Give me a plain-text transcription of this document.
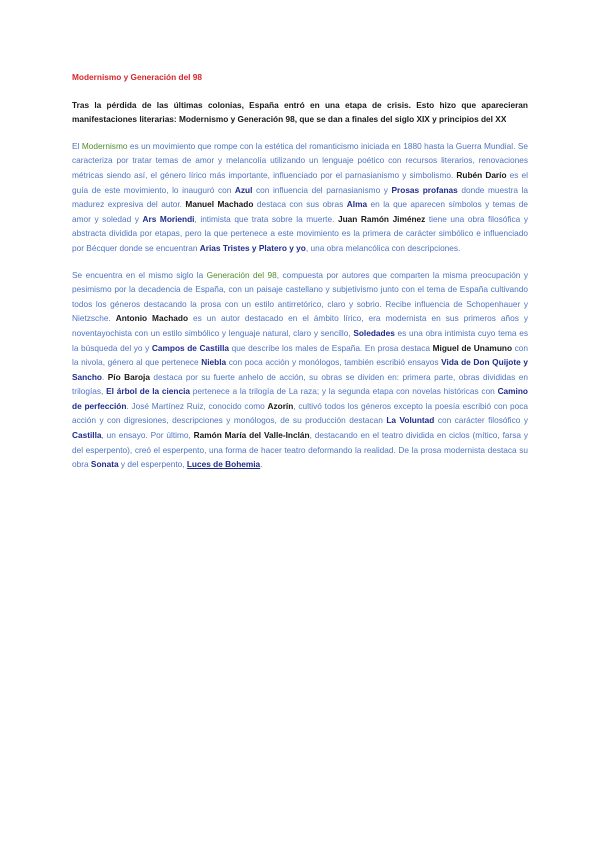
Modernismo y Generación del 98

Tras la pérdida de las últimas colonias, España entró en una etapa de crisis. Esto hizo que aparecieran manifestaciones literarias: Modernismo y Generación 98, que se dan a finales del siglo XIX y principios del XX

El Modernismo es un movimiento que rompe con la estética del romanticismo iniciada en 1880 hasta la Guerra Mundial. Se caracteriza por tratar temas de amor y melancolía utilizando un lenguaje poético con recursos literarios, renovaciones métricas siendo así, el género lírico más importante, influenciado por el parnasianismo y simbolismo. Rubén Darío es el guía de este movimiento, lo inauguró con Azul con influencia del parnasianismo y Prosas profanas donde muestra la madurez expresiva del autor. Manuel Machado destaca con sus obras Alma en la que aparecen símbolos y temas de amor y soledad y Ars Moriendi, intimista que trata sobre la muerte. Juan Ramón Jiménez tiene una obra filosófica y abstracta dividida por etapas, pero la que pertenece a este movimiento es la primera de carácter simbólico e influenciado por Bécquer donde se encuentran Arias Tristes y Platero y yo, una obra melancólica con descripciones.

Se encuentra en el mismo siglo la Generación del 98, compuesta por autores que comparten la misma preocupación y pesimismo por la decadencia de España, con un paisaje castellano y subjetivismo junto con el tema de España cultivando todos los géneros destacando la prosa con un estilo antirretórico, claro y sobrio. Recibe influencia de Schopenhauer y Nietzsche. Antonio Machado es un autor destacado en el ámbito lírico, era modernista en sus primeros años y noventayochista con un estilo simbólico y lenguaje natural, claro y sencillo, Soledades es una obra intimista cuyo tema es la búsqueda del yo y Campos de Castilla que describe los males de España. En prosa destaca Miguel de Unamuno con la nivola, género al que pertenece Niebla con poca acción y monólogos, también escribió ensayos Vida de Don Quijote y Sancho. Pío Baroja destaca por su fuerte anhelo de acción, su obras se dividen en: primera parte, obras divididas en trilogías, El árbol de la ciencia pertenece a la trilogía de La raza; y la segunda etapa con novelas históricas con Camino de perfección. José Martínez Ruiz, conocido como Azorín, cultivó todos los géneros excepto la poesía escribió con poca acción y con digresiones, descripciones y monólogos, de su producción destacan La Voluntad con carácter filosófico y Castilla, un ensayo. Por último, Ramón María del Valle-Inclán, destacando en el teatro dividida en ciclos (mítico, farsa y del esperpento), creó el esperpento, una forma de hacer teatro deformando la realidad. De la prosa modernista destaca su obra Sonata y del esperpento, Luces de Bohemia.
